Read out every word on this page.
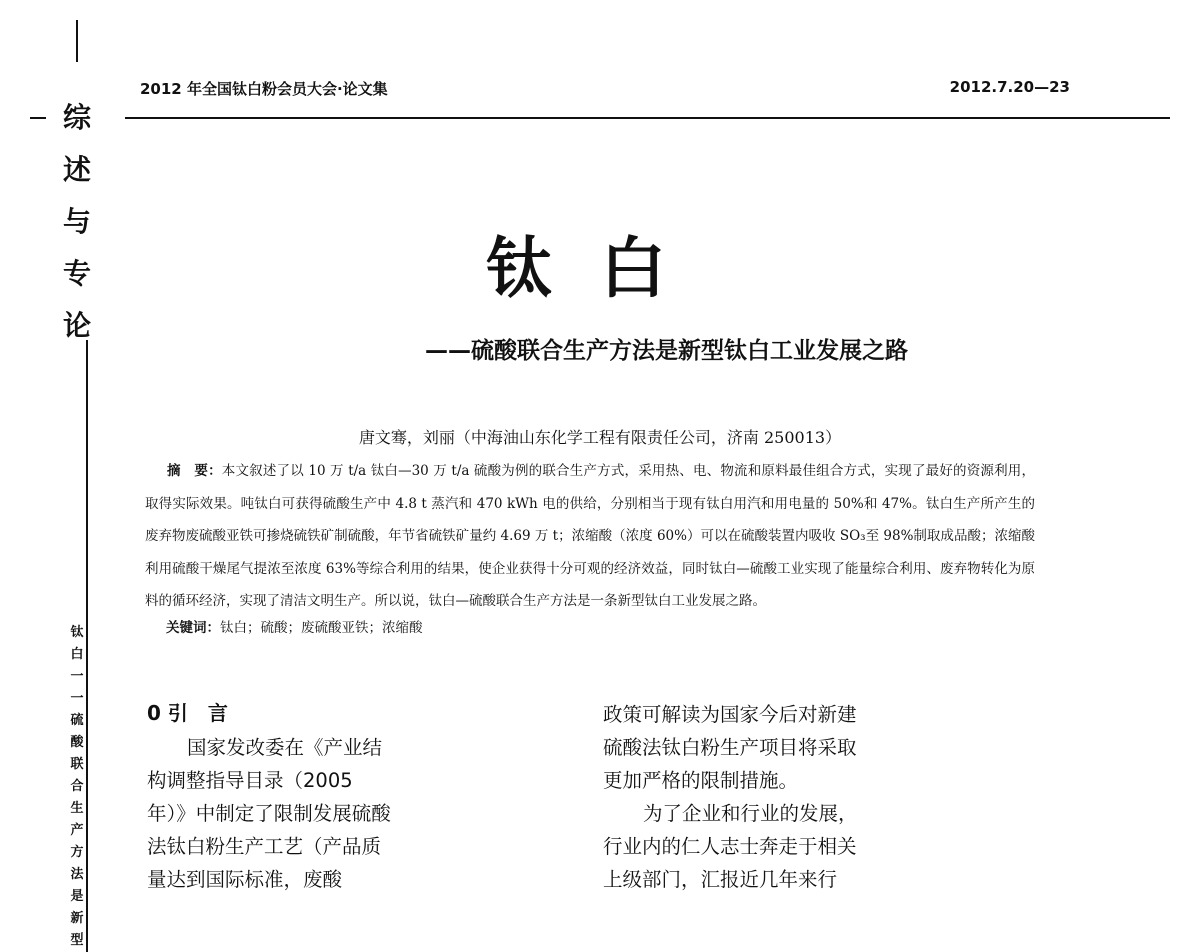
2012 年全国钛白粉会员大会·论文集	2012.7.20—23
综
述
与
专
论
钛
白
一
一
硫
酸
联
合
生
产
方
法
是
新
型
钛白
——硫酸联合生产方法是新型钛白工业发展之路
唐文骞，刘丽（中海油山东化学工程有限责任公司，济南 250013）
摘　要：本文叙述了以 10 万 t/a 钛白—30 万 t/a 硫酸为例的联合生产方式，采用热、电、物流和原料最佳组合方式，实现了最好的资源利用，取得实际效果。吨钛白可获得硫酸生产中 4.8 t 蒸汽和 470 kWh 电的供给，分别相当于现有钛白用汽和用电量的 50%和 47%。钛白生产所产生的废弃物废硫酸亚铁可掺烧硫铁矿制硫酸，年节省硫铁矿量约 4.69 万 t；浓缩酸（浓度 60%）可以在硫酸装置内吸收 SO₃至 98%制取成品酸；浓缩酸利用硫酸干燥尾气提浓至浓度 63%等综合利用的结果，使企业获得十分可观的经济效益，同时钛白—硫酸工业实现了能量综合利用、废弃物转化为原料的循环经济，实现了清洁文明生产。所以说，钛白—硫酸联合生产方法是一条新型钛白工业发展之路。
关键词：钛白；硫酸；废硫酸亚铁；浓缩酸
0 引　言

国家发改委在《产业结构调整指导目录（2005 年）》中制定了限制发展硫酸法钛白粉生产工艺（产品质量达到国际标准，废酸

政策可解读为国家今后对新建硫酸法钛白粉生产项目将采取更加严格的限制措施。

为了企业和行业的发展，行业内的仁人志士奔走于相关上级部门，汇报近几年来行
